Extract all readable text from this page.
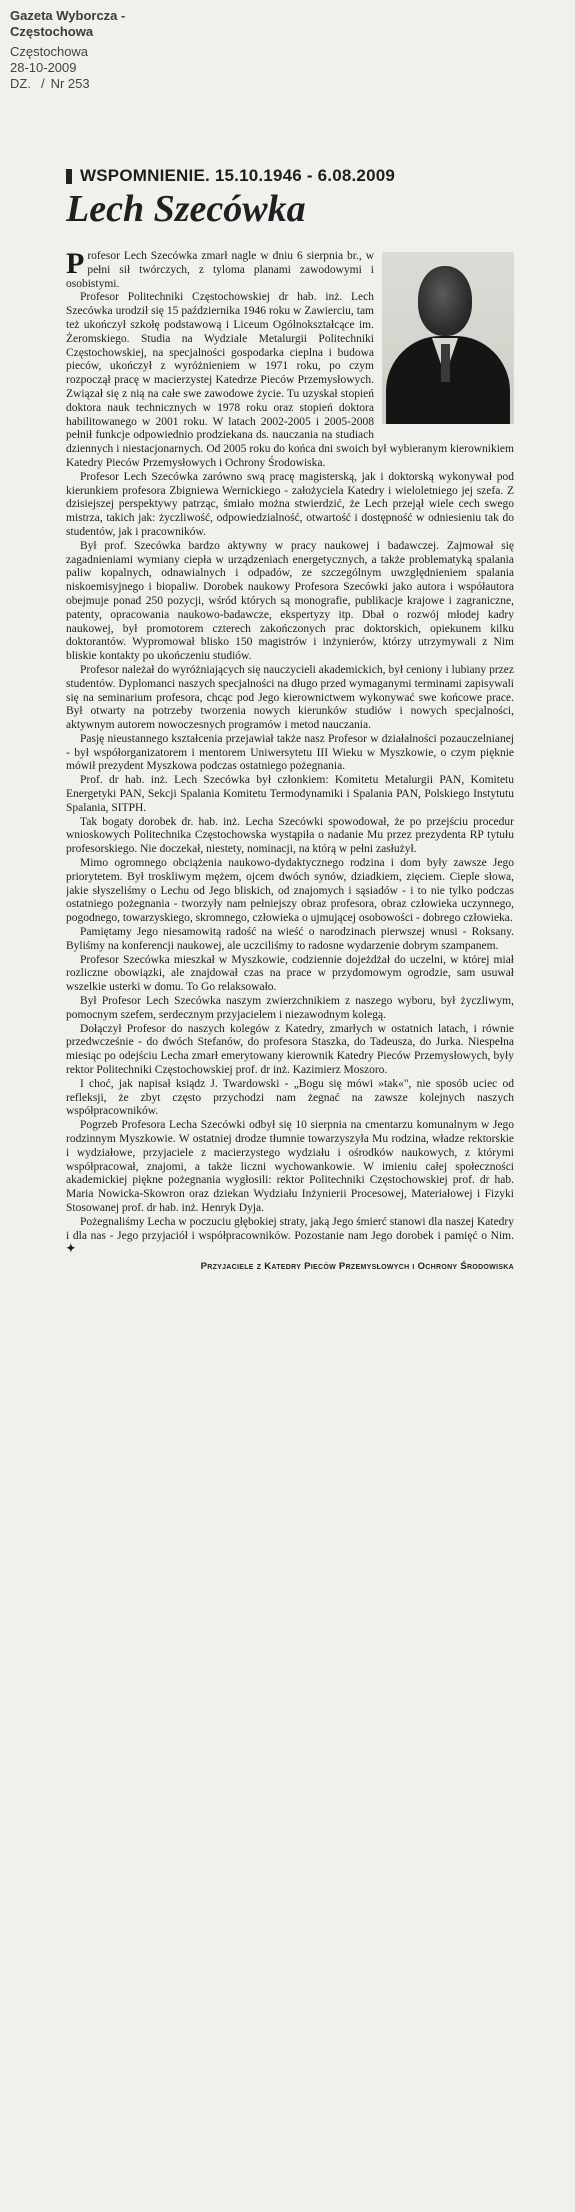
Gazeta Wyborcza - Częstochowa
Częstochowa
28-10-2009
DZ. / Nr 253
WSPOMNIENIE. 15.10.1946 - 6.08.2009
Lech Szecówka

Profesor Lech Szecówka zmarł nagle w dniu 6 sierpnia br., w pełni sił twórczych, z tyloma planami zawodowymi i osobistymi.

Profesor Politechniki Częstochowskiej dr hab. inż. Lech Szecówka urodził się 15 października 1946 roku w Zawierciu, tam też ukończył szkołę podstawową i Liceum Ogólnokształcące im. Żeromskiego. Studia na Wydziale Metalurgii Politechniki Częstochowskiej, na specjalności gospodarka cieplna i budowa pieców, ukończył z wyróżnieniem w 1971 roku, po czym rozpoczął pracę w macierzystej Katedrze Pieców Przemysłowych. Związał się z nią na całe swe zawodowe życie. Tu uzyskał stopień doktora nauk technicznych w 1978 roku oraz stopień doktora habilitowanego w 2001 roku. W latach 2002-2005 i 2005-2008 pełnił funkcje odpowiednio prodziekana ds. nauczania na studiach dziennych i niestacjonarnych. Od 2005 roku do końca dni swoich był wybieranym kierownikiem Katedry Pieców Przemysłowych i Ochrony Środowiska.

Profesor Lech Szecówka zarówno swą pracę magisterską, jak i doktorską wykonywał pod kierunkiem profesora Zbigniewa Wernickiego - założyciela Katedry i wieloletniego jej szefa. Z dzisiejszej perspektywy patrząc, śmiało można stwierdzić, że Lech przejął wiele cech swego mistrza, takich jak: życzliwość, odpowiedzialność, otwartość i dostępność w odniesieniu tak do studentów, jak i pracowników.

Był prof. Szecówka bardzo aktywny w pracy naukowej i badawczej. Zajmował się zagadnieniami wymiany ciepła w urządzeniach energetycznych, a także problematyką spalania paliw kopalnych, odnawialnych i odpadów, ze szczególnym uwzględnieniem spalania niskoemisyjnego i biopaliw. Dorobek naukowy Profesora Szecówki jako autora i współautora obejmuje ponad 250 pozycji, wśród których są monografie, publikacje krajowe i zagraniczne, patenty, opracowania naukowo-badawcze, ekspertyzy itp. Dbał o rozwój młodej kadry naukowej, był promotorem czterech zakończonych prac doktorskich, opiekunem kilku doktorantów. Wypromował blisko 150 magistrów i inżynierów, którzy utrzymywali z Nim bliskie kontakty po ukończeniu studiów.

Profesor należał do wyróżniających się nauczycieli akademickich, był ceniony i lubiany przez studentów. Dyplomanci naszych specjalności na długo przed wymaganymi terminami zapisywali się na seminarium profesora, chcąc pod Jego kierownictwem wykonywać swe końcowe prace. Był otwarty na potrzeby tworzenia nowych kierunków studiów i nowych specjalności, aktywnym autorem nowoczesnych programów i metod nauczania.

Pasję nieustannego kształcenia przejawiał także nasz Profesor w działalności pozauczelnianej - był współorganizatorem i mentorem Uniwersytetu III Wieku w Myszkowie, o czym pięknie mówił prezydent Myszkowa podczas ostatniego pożegnania.

Prof. dr hab. inż. Lech Szecówka był członkiem: Komitetu Metalurgii PAN, Komitetu Energetyki PAN, Sekcji Spalania Komitetu Termodynamiki i Spalania PAN, Polskiego Instytutu Spalania, SITPH.

Tak bogaty dorobek dr. hab. inż. Lecha Szecówki spowodował, że po przejściu procedur wnioskowych Politechnika Częstochowska wystąpiła o nadanie Mu przez prezydenta RP tytułu profesorskiego. Nie doczekał, niestety, nominacji, na którą w pełni zasłużył.

Mimo ogromnego obciążenia naukowo-dydaktycznego rodzina i dom były zawsze Jego priorytetem. Był troskliwym mężem, ojcem dwóch synów, dziadkiem, zięciem. Cieple słowa, jakie słyszeliśmy o Lechu od Jego bliskich, od znajomych i sąsiadów - i to nie tylko podczas ostatniego pożegnania - tworzyły nam pełniejszy obraz profesora, obraz człowieka uczynnego, pogodnego, towarzyskiego, skromnego, człowieka o ujmującej osobowości - dobrego człowieka.

Pamiętamy Jego niesamowitą radość na wieść o narodzinach pierwszej wnusi - Roksany. Byliśmy na konferencji naukowej, ale uczciliśmy to radosne wydarzenie dobrym szampanem.

Profesor Szecówka mieszkał w Myszkowie, codziennie dojeżdżał do uczelni, w której miał rozliczne obowiązki, ale znajdował czas na prace w przydomowym ogrodzie, sam usuwał wszelkie usterki w domu. To Go relaksowało.

Był Profesor Lech Szecówka naszym zwierzchnikiem z naszego wyboru, był życzliwym, pomocnym szefem, serdecznym przyjacielem i niezawodnym kolegą.

Dołączył Profesor do naszych kolegów z Katedry, zmarłych w ostatnich latach, i równie przedwcześnie - do dwóch Stefanów, do profesora Staszka, do Tadeusza, do Jurka. Niespełna miesiąc po odejściu Lecha zmarł emerytowany kierownik Katedry Pieców Przemysłowych, były rektor Politechniki Częstochowskiej prof. dr inż. Kazimierz Moszoro.

I choć, jak napisał ksiądz J. Twardowski - „Bogu się mówi »tak«", nie sposób uciec od refleksji, że zbyt często przychodzi nam żegnać na zawsze kolejnych naszych współpracowników.

Pogrzeb Profesora Lecha Szecówki odbył się 10 sierpnia na cmentarzu komunalnym w Jego rodzinnym Myszkowie. W ostatniej drodze tłumnie towarzyszyła Mu rodzina, władze rektorskie i wydziałowe, przyjaciele z macierzystego wydziału i ośrodków naukowych, z którymi współpracował, znajomi, a także liczni wychowankowie. W imieniu całej społeczności akademickiej piękne pożegnania wygłosili: rektor Politechniki Częstochowskiej prof. dr hab. Maria Nowicka-Skowron oraz dziekan Wydziału Inżynierii Procesowej, Materiałowej i Fizyki Stosowanej prof. dr hab. inż. Henryk Dyja.

Pożegnaliśmy Lecha w poczuciu głębokiej straty, jaką Jego śmierć stanowi dla naszej Katedry i dla nas - Jego przyjaciół i współpracowników. Pozostanie nam Jego dorobek i pamięć o Nim. ✦

Przyjaciele z Katedry Pieców Przemysłowych i Ochrony Środowiska
